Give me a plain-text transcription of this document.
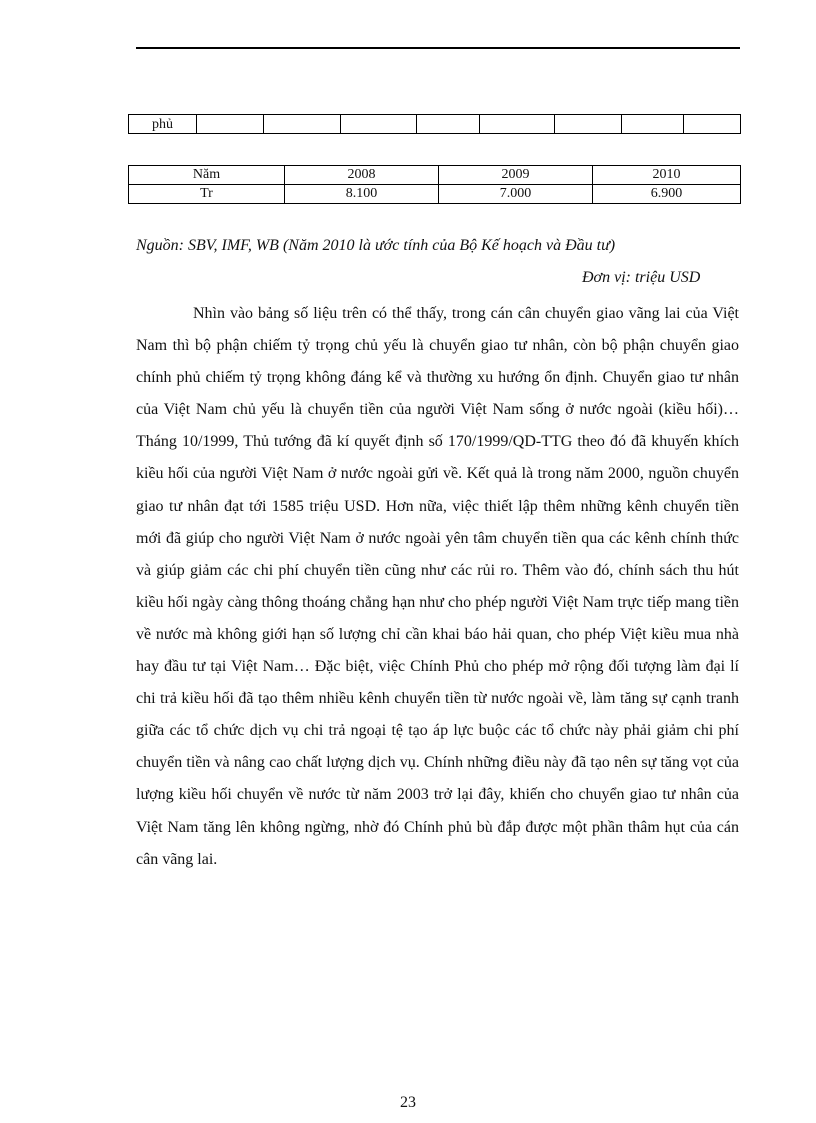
phủ								
Năm	2008	2009	2010
Tr	8.100	7.000	6.900
Nguồn: SBV, IMF, WB (Năm 2010 là ước tính của Bộ Kế hoạch và Đầu tư)
Đơn vị: triệu USD

Nhìn vào bảng số liệu trên có thể thấy, trong cán cân chuyển giao vãng lai của Việt Nam thì bộ phận chiếm tỷ trọng chủ yếu là chuyển giao tư nhân, còn bộ phận chuyển giao chính phủ chiếm tỷ trọng không đáng kể và thường xu hướng ổn định. Chuyển giao tư nhân của Việt Nam chủ yếu là chuyển tiền của người Việt Nam sống ở nước ngoài (kiều hối)… Tháng 10/1999, Thủ tướng đã kí quyết định số 170/1999/QD-TTG theo đó đã khuyến khích kiều hối của người Việt Nam ở nước ngoài gửi về. Kết quả là trong năm 2000, nguồn chuyển giao tư nhân đạt tới 1585 triệu USD. Hơn nữa, việc thiết lập thêm những kênh chuyển tiền mới đã giúp cho người Việt Nam ở nước ngoài yên tâm chuyển tiền qua các kênh chính thức và giúp giảm các chi phí chuyển tiền cũng như các rủi ro. Thêm vào đó, chính sách thu hút kiều hối ngày càng thông thoáng chẳng hạn như cho phép người Việt Nam trực tiếp mang tiền về nước mà không giới hạn số lượng chỉ cần khai báo hải quan, cho phép Việt kiều mua nhà hay đầu tư tại Việt Nam… Đặc biệt, việc Chính Phủ cho phép mở rộng đối tượng làm đại lí chi trả kiều hối đã tạo thêm nhiều kênh chuyển tiền từ nước ngoài về, làm tăng sự cạnh tranh giữa các tổ chức dịch vụ chi trả ngoại tệ tạo áp lực buộc các tổ chức này phải giảm chi phí chuyển tiền và nâng cao chất lượng dịch vụ. Chính những điều này đã tạo nên sự tăng vọt của lượng kiều hối chuyển về nước từ năm 2003 trở lại đây, khiến cho chuyển giao tư nhân của Việt Nam tăng lên không ngừng, nhờ đó Chính phủ bù đắp được một phần thâm hụt của cán cân vãng lai.

23
